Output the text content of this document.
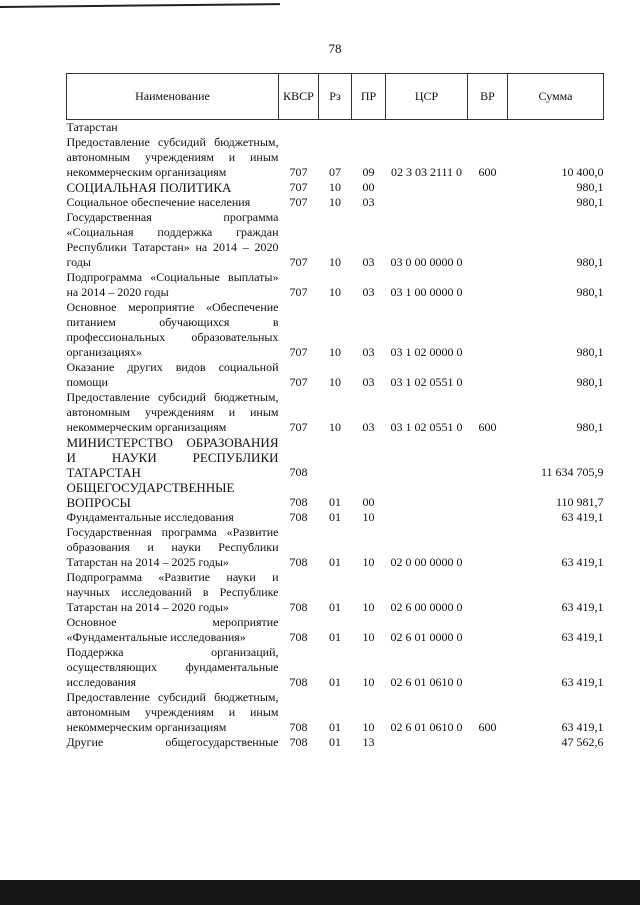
78
Наименование	КВСР	Рз	ПР	ЦСР	ВР	Сумма
Татарстан						
Предоставление субсидий бюджетным, автономным учреждениям и иным некоммерческим организациям	707	07	09	02 3 03 2111 0	600	10 400,0
СОЦИАЛЬНАЯ ПОЛИТИКА	707	10	00			980,1
Социальное обеспечение населения	707	10	03			980,1
Государственная программа «Социальная поддержка граждан Республики Татарстан» на 2014 – 2020 годы	707	10	03	03 0 00 0000 0		980,1
Подпрограмма «Социальные выплаты» на 2014 – 2020 годы	707	10	03	03 1 00 0000 0		980,1
Основное мероприятие «Обеспечение питанием обучающихся в профессиональных образовательных организациях»	707	10	03	03 1 02 0000 0		980,1
Оказание других видов социальной помощи	707	10	03	03 1 02 0551 0		980,1
Предоставление субсидий бюджетным, автономным учреждениям и иным некоммерческим организациям	707	10	03	03 1 02 0551 0	600	980,1
МИНИСТЕРСТВО ОБРАЗОВАНИЯ И НАУКИ РЕСПУБЛИКИ ТАТАРСТАН	708					11 634 705,9
ОБЩЕГОСУДАРСТВЕННЫЕ ВОПРОСЫ	708	01	00			110 981,7
Фундаментальные исследования	708	01	10			63 419,1
Государственная программа «Развитие образования и науки Республики Татарстан на 2014 – 2025 годы»	708	01	10	02 0 00 0000 0		63 419,1
Подпрограмма «Развитие науки и научных исследований в Республике Татарстан на 2014 – 2020 годы»	708	01	10	02 6 00 0000 0		63 419,1
Основное мероприятие «Фундаментальные исследования»	708	01	10	02 6 01 0000 0		63 419,1
Поддержка организаций, осуществляющих фундаментальные исследования	708	01	10	02 6 01 0610 0		63 419,1
Предоставление субсидий бюджетным, автономным учреждениям и иным некоммерческим организациям	708	01	10	02 6 01 0610 0	600	63 419,1
Другие общегосударственные	708	01	13			47 562,6
